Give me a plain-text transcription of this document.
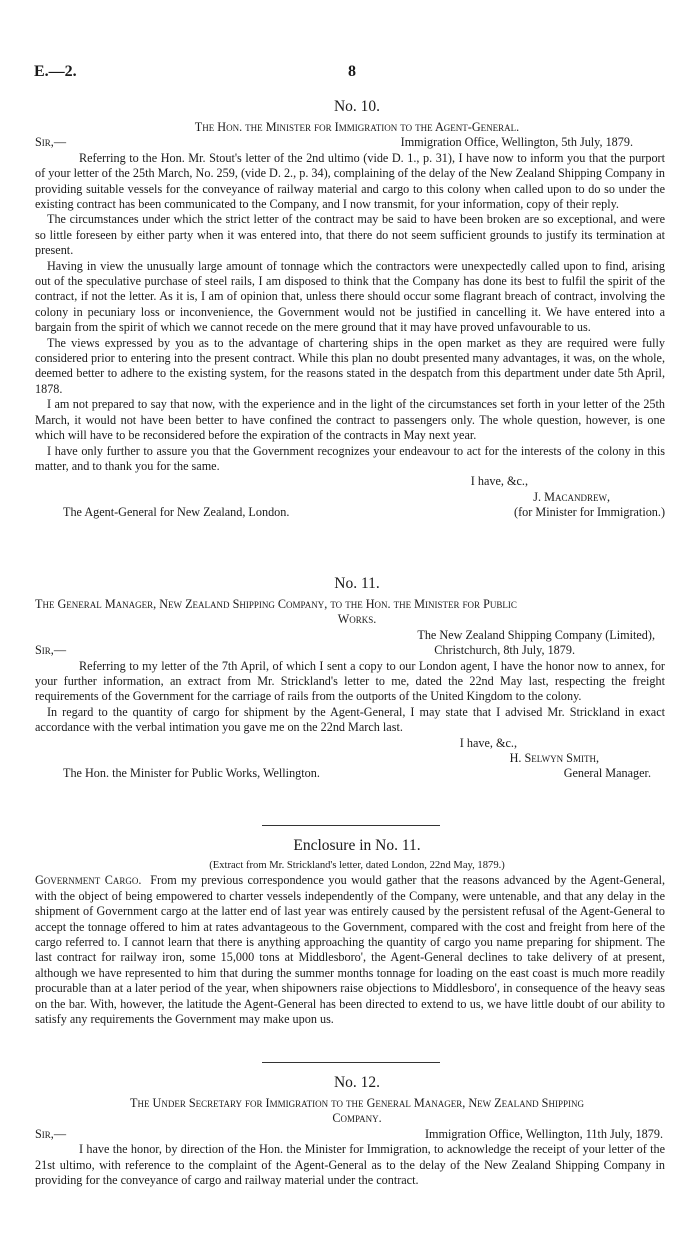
E.—2.	8
No. 10.
The Hon. the Minister for Immigration to the Agent-General.
Sir,—	Immigration Office, Wellington, 5th July, 1879.

Referring to the Hon. Mr. Stout's letter of the 2nd ultimo (vide D. 1., p. 31), I have now to inform you that the purport of your letter of the 25th March, No. 259, (vide D. 2., p. 34), complaining of the delay of the New Zealand Shipping Company in providing suitable vessels for the conveyance of railway material and cargo to this colony when called upon to do so under the existing contract has been communicated to the Company, and I now transmit, for your information, copy of their reply.

The circumstances under which the strict letter of the contract may be said to have been broken are so exceptional, and were so little foreseen by either party when it was entered into, that there do not seem sufficient grounds to justify its termination at present.

Having in view the unusually large amount of tonnage which the contractors were unexpectedly called upon to find, arising out of the speculative purchase of steel rails, I am disposed to think that the Company has done its best to fulfil the spirit of the contract, if not the letter. As it is, I am of opinion that, unless there should occur some flagrant breach of contract, involving the colony in pecuniary loss or inconvenience, the Government would not be justified in cancelling it. We have entered into a bargain from the spirit of which we cannot recede on the mere ground that it may have proved unfavourable to us.

The views expressed by you as to the advantage of chartering ships in the open market as they are required were fully considered prior to entering into the present contract. While this plan no doubt presented many advantages, it was, on the whole, deemed better to adhere to the existing system, for the reasons stated in the despatch from this department under date 5th April, 1878.

I am not prepared to say that now, with the experience and in the light of the circumstances set forth in your letter of the 25th March, it would not have been better to have confined the contract to passengers only. The whole question, however, is one which will have to be reconsidered before the expiration of the contracts in May next year.

I have only further to assure you that the Government recognizes your endeavour to act for the interests of the colony in this matter, and to thank you for the same.

I have, &c.,
J. Macandrew,
The Agent-General for New Zealand, London.	(for Minister for Immigration.)
No. 11.
The General Manager, New Zealand Shipping Company, to the Hon. the Minister for Public
Works.
The New Zealand Shipping Company (Limited),
Sir,—	Christchurch, 8th July, 1879.

Referring to my letter of the 7th April, of which I sent a copy to our London agent, I have the honor now to annex, for your further information, an extract from Mr. Strickland's letter to me, dated the 22nd May last, respecting the freight requirements of the Government for the carriage of rails from the outports of the United Kingdom to the colony.

In regard to the quantity of cargo for shipment by the Agent-General, I may state that I advised Mr. Strickland in exact accordance with the verbal intimation you gave me on the 22nd March last.

I have, &c.,
H. Selwyn Smith,
The Hon. the Minister for Public Works, Wellington.	General Manager.
Enclosure in No. 11.
(Extract from Mr. Strickland's letter, dated London, 22nd May, 1879.)

Government Cargo. From my previous correspondence you would gather that the reasons advanced by the Agent-General, with the object of being empowered to charter vessels independently of the Company, were untenable, and that any delay in the shipment of Government cargo at the latter end of last year was entirely caused by the persistent refusal of the Agent-General to accept the tonnage offered to him at rates advantageous to the Government, compared with the cost and freight from here of the cargo referred to. I cannot learn that there is anything approaching the quantity of cargo you name preparing for shipment. The last contract for railway iron, some 15,000 tons at Middlesboro', the Agent-General declines to take delivery of at present, although we have represented to him that during the summer months tonnage for loading on the east coast is much more readily procurable than at a later period of the year, when shipowners raise objections to Middlesboro', in consequence of the heavy seas on the bar. With, however, the latitude the Agent-General has been directed to extend to us, we have little doubt of our ability to satisfy any requirements the Government may make upon us.

No. 12.
The Under Secretary for Immigration to the General Manager, New Zealand Shipping
Company.
Sir,—	Immigration Office, Wellington, 11th July, 1879.

I have the honor, by direction of the Hon. the Minister for Immigration, to acknowledge the receipt of your letter of the 21st ultimo, with reference to the complaint of the Agent-General as to the delay of the New Zealand Shipping Company in providing for the conveyance of cargo and railway material under the contract.
